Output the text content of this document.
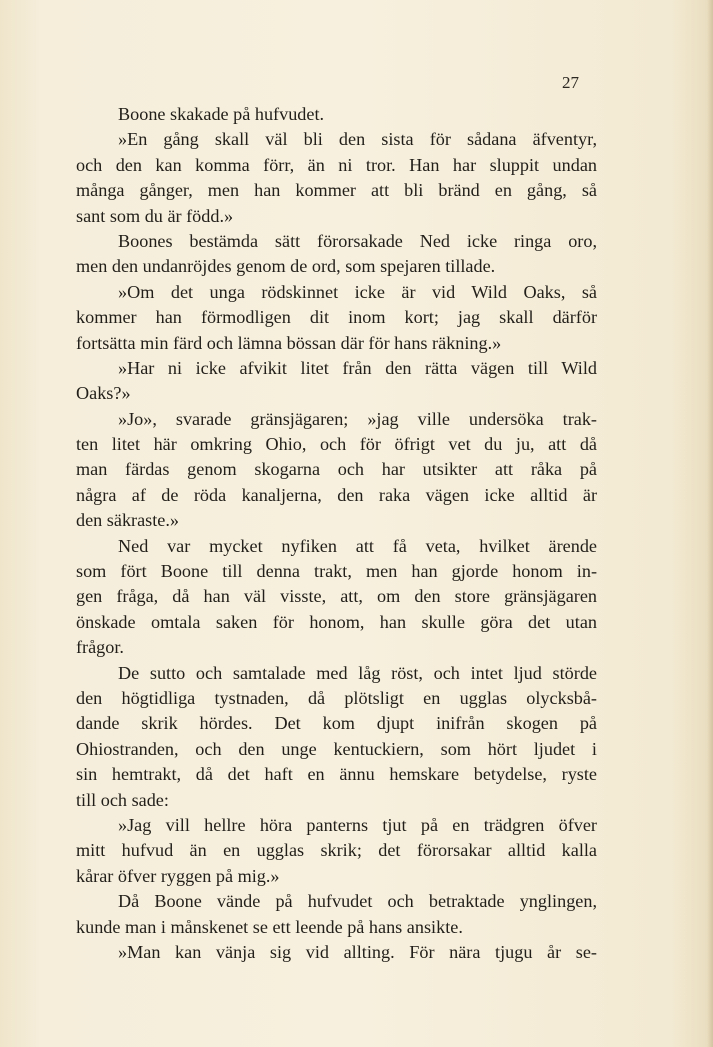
27
Boone skakade på hufvudet.
»En gång skall väl bli den sista för sådana äfventyr,
och den kan komma förr, än ni tror. Han har sluppit undan
många gånger, men han kommer att bli bränd en gång, så
sant som du är född.»
Boones bestämda sätt förorsakade Ned icke ringa oro,
men den undanröjdes genom de ord, som spejaren tillade.
»Om det unga rödskinnet icke är vid Wild Oaks, så
kommer han förmodligen dit inom kort; jag skall därför
fortsätta min färd och lämna bössan där för hans räkning.»
»Har ni icke afvikit litet från den rätta vägen till Wild
Oaks?»
»Jo», svarade gränsjägaren; »jag ville undersöka trak-
ten litet här omkring Ohio, och för öfrigt vet du ju, att då
man färdas genom skogarna och har utsikter att råka på
några af de röda kanaljerna, den raka vägen icke alltid är
den säkraste.»
Ned var mycket nyfiken att få veta, hvilket ärende
som fört Boone till denna trakt, men han gjorde honom in-
gen fråga, då han väl visste, att, om den store gränsjägaren
önskade omtala saken för honom, han skulle göra det utan
frågor.
De sutto och samtalade med låg röst, och intet ljud störde
den högtidliga tystnaden, då plötsligt en ugglas olycksbå-
dande skrik hördes. Det kom djupt inifrån skogen på
Ohiostranden, och den unge kentuckiern, som hört ljudet i
sin hemtrakt, då det haft en ännu hemskare betydelse, ryste
till och sade:
»Jag vill hellre höra panterns tjut på en trädgren öfver
mitt hufvud än en ugglas skrik; det förorsakar alltid kalla
kårar öfver ryggen på mig.»
Då Boone vände på hufvudet och betraktade ynglingen,
kunde man i månskenet se ett leende på hans ansikte.
»Man kan vänja sig vid allting. För nära tjugu år se-
